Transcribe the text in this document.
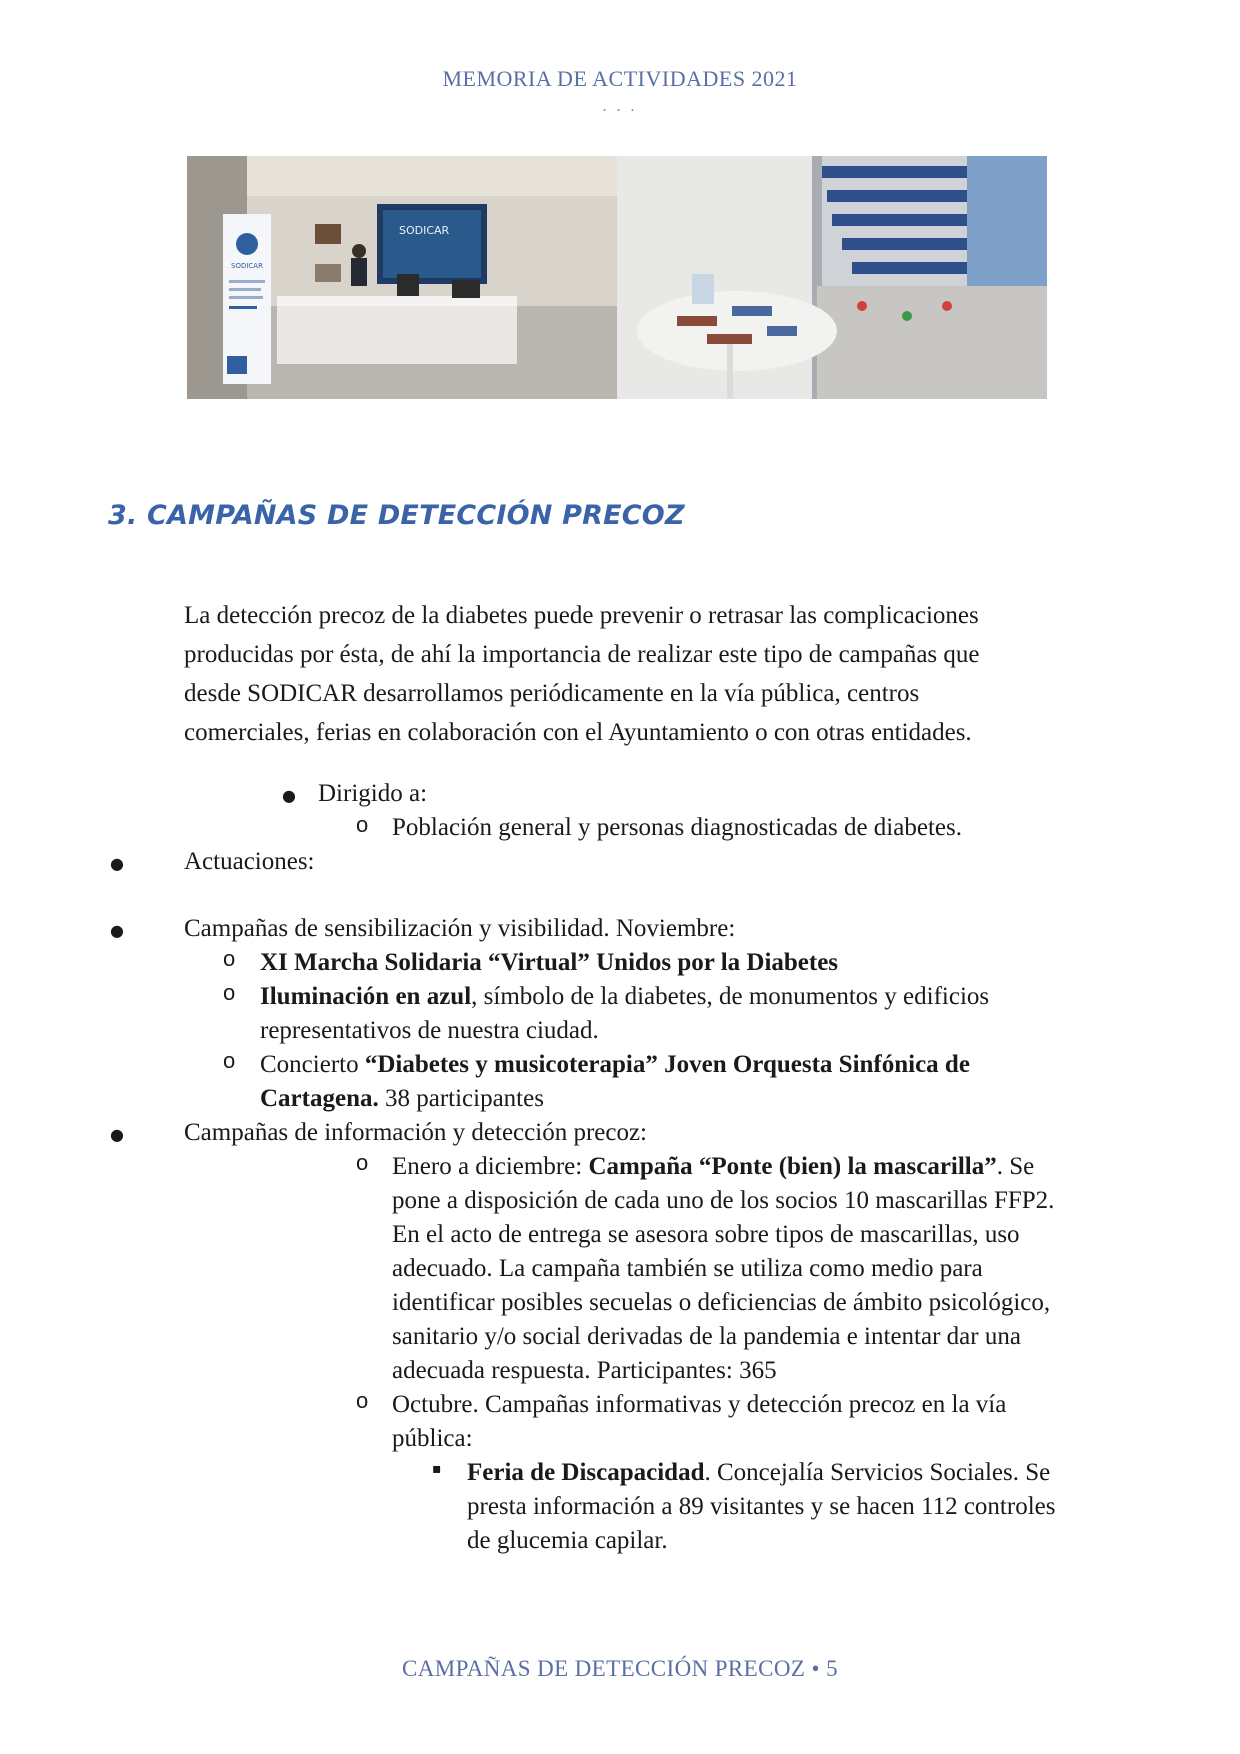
MEMORIA DE ACTIVIDADES 2021
. . .
SODICAR
SODICAR
3. CAMPAÑAS DE DETECCIÓN PRECOZ
La detección precoz de la diabetes puede prevenir o retrasar las complicaciones
producidas por ésta, de ahí la importancia de realizar este tipo de campañas que
desde SODICAR desarrollamos periódicamente en la vía pública, centros
comerciales, ferias en colaboración con el Ayuntamiento o con otras entidades.
● Dirigido a:
o Población general y personas diagnosticadas de diabetes.
● Actuaciones:
● Campañas de sensibilización y visibilidad. Noviembre:
o XI Marcha Solidaria “Virtual” Unidos por la Diabetes
o Iluminación en azul, símbolo de la diabetes, de monumentos y edificios
representativos de nuestra ciudad.
o Concierto “Diabetes y musicoterapia” Joven Orquesta Sinfónica de
Cartagena. 38 participantes
● Campañas de información y detección precoz:
o Enero a diciembre: Campaña “Ponte (bien) la mascarilla”. Se
pone a disposición de cada uno de los socios 10 mascarillas FFP2.
En el acto de entrega se asesora sobre tipos de mascarillas, uso
adecuado. La campaña también se utiliza como medio para
identificar posibles secuelas o deficiencias de ámbito psicológico,
sanitario y/o social derivadas de la pandemia e intentar dar una
adecuada respuesta. Participantes: 365
o Octubre. Campañas informativas y detección precoz en la vía
pública:
▪ Feria de Discapacidad. Concejalía Servicios Sociales. Se
presta información a 89 visitantes y se hacen 112 controles
de glucemia capilar.
CAMPAÑAS DE DETECCIÓN PRECOZ • 5
